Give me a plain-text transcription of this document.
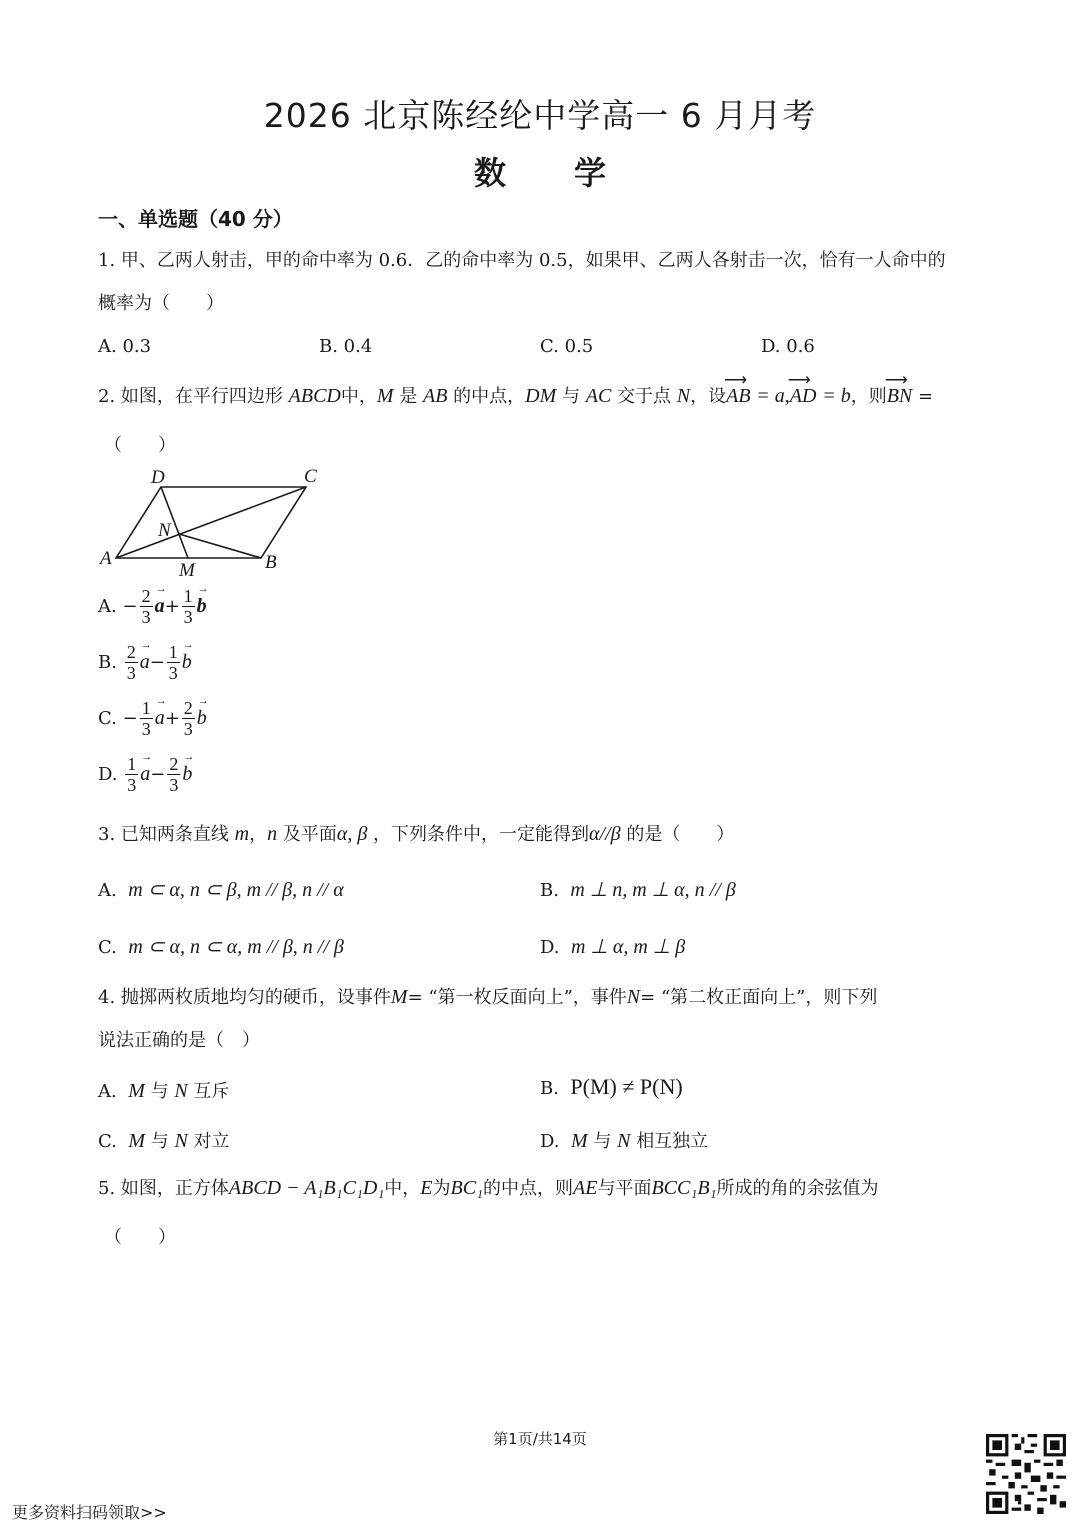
2026 北京陈经纶中学高一 6 月月考
数 学
一、单选题（40 分）
1. 甲、乙两人射击，甲的命中率为 0.6．乙的命中率为 0.5，如果甲、乙两人各射击一次，恰有一人命中的
概率为（　　）
A. 0.3	B. 0.4	C. 0.5	D. 0.6
2. 如图，在平行四边形 ABCD中，M 是 AB 的中点，DM 与 AC 交于点 N，设⟶ AB = a,⟶ AD = b，则⟶ BN =
（　　）
D	C
N
A
M	B
A.
− $\frac{2}{3}$
→ $a + \frac{1}{3}$
→ b
B.
$\frac{2}{3}$
→ $a - \frac{1}{3}$
→ b
C.
− $\frac{1}{3}$
→ $a + \frac{2}{3}$
→ b
D.
$\frac{1}{3}$
→ $a - \frac{2}{3}$
→ b
3. 已知两条直线 m，n 及平面α, β ，下列条件中，一定能得到α//β 的是（　　）
A. m ⊂ α, n ⊂ β, m // β, n // α	B. m ⊥ n, m ⊥ α, n // β
C. m ⊂ α, n ⊂ α, m // β, n // β	D. m ⊥ α, m ⊥ β
4. 抛掷两枚质地均匀的硬币，设事件M= “第一枚反面向上”，事件N= “第二枚正面向上”，则下列
说法正确的是（　）
A. M 与 N 互斥	B. P(M) ≠ P(N)
C. M 与 N 对立	D. M 与 N 相互独立
5. 如图，正方体ABCD − A₁B₁C₁D₁中，E为BC₁的中点，则AE与平面BCC₁B₁所成的角的余弦值为
（　　）
第1页/共14页
更多资料扫码领取>>
